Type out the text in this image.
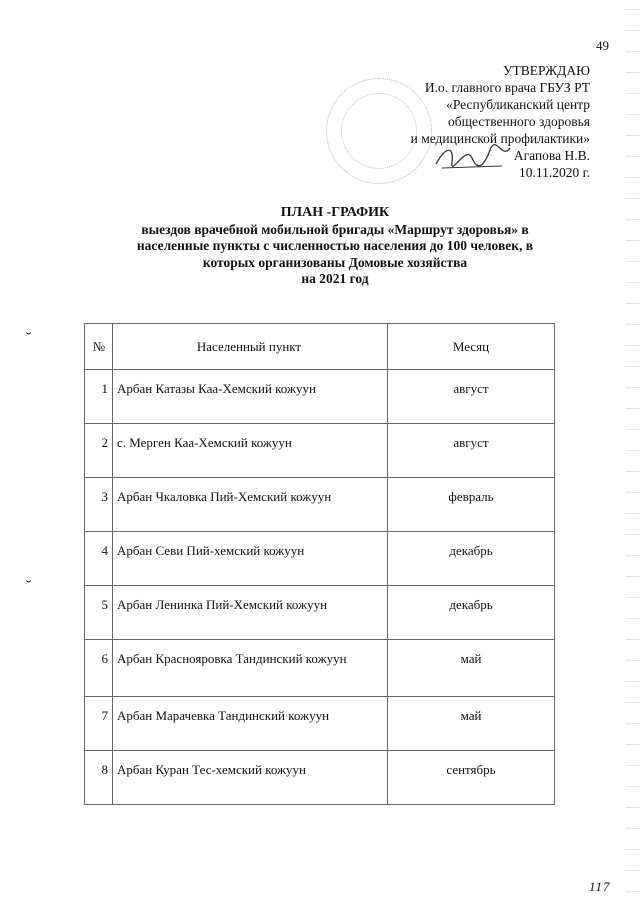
49
УТВЕРЖДАЮ
И.о. главного врача ГБУЗ РТ
«Республиканский центр
общественного здоровья
и медицинской профилактики»
Агапова Н.В.
10.11.2020 г.
ПЛАН -ГРАФИК
выездов врачебной мобильной бригады «Маршрут здоровья» в
населенные пункты с численностью населения до 100 человек, в
которых организованы Домовые хозяйства
на 2021 год
˘
˘
№	Населенный пункт	Месяц
1	Арбан Катазы Каа-Хемский кожуун	август
2	с. Мерген Каа-Хемский кожуун	август
3	Арбан Чкаловка Пий-Хемский кожуун	февраль
4	Арбан Севи Пий-хемский кожуун	декабрь
5	Арбан Ленинка Пий-Хемский кожуун	декабрь
6	Арбан Краснояровка Тандинский кожуун	май
7	Арбан Марачевка Тандинский кожуун	май
8	Арбан Куран Тес-хемский кожуун	сентябрь
117
